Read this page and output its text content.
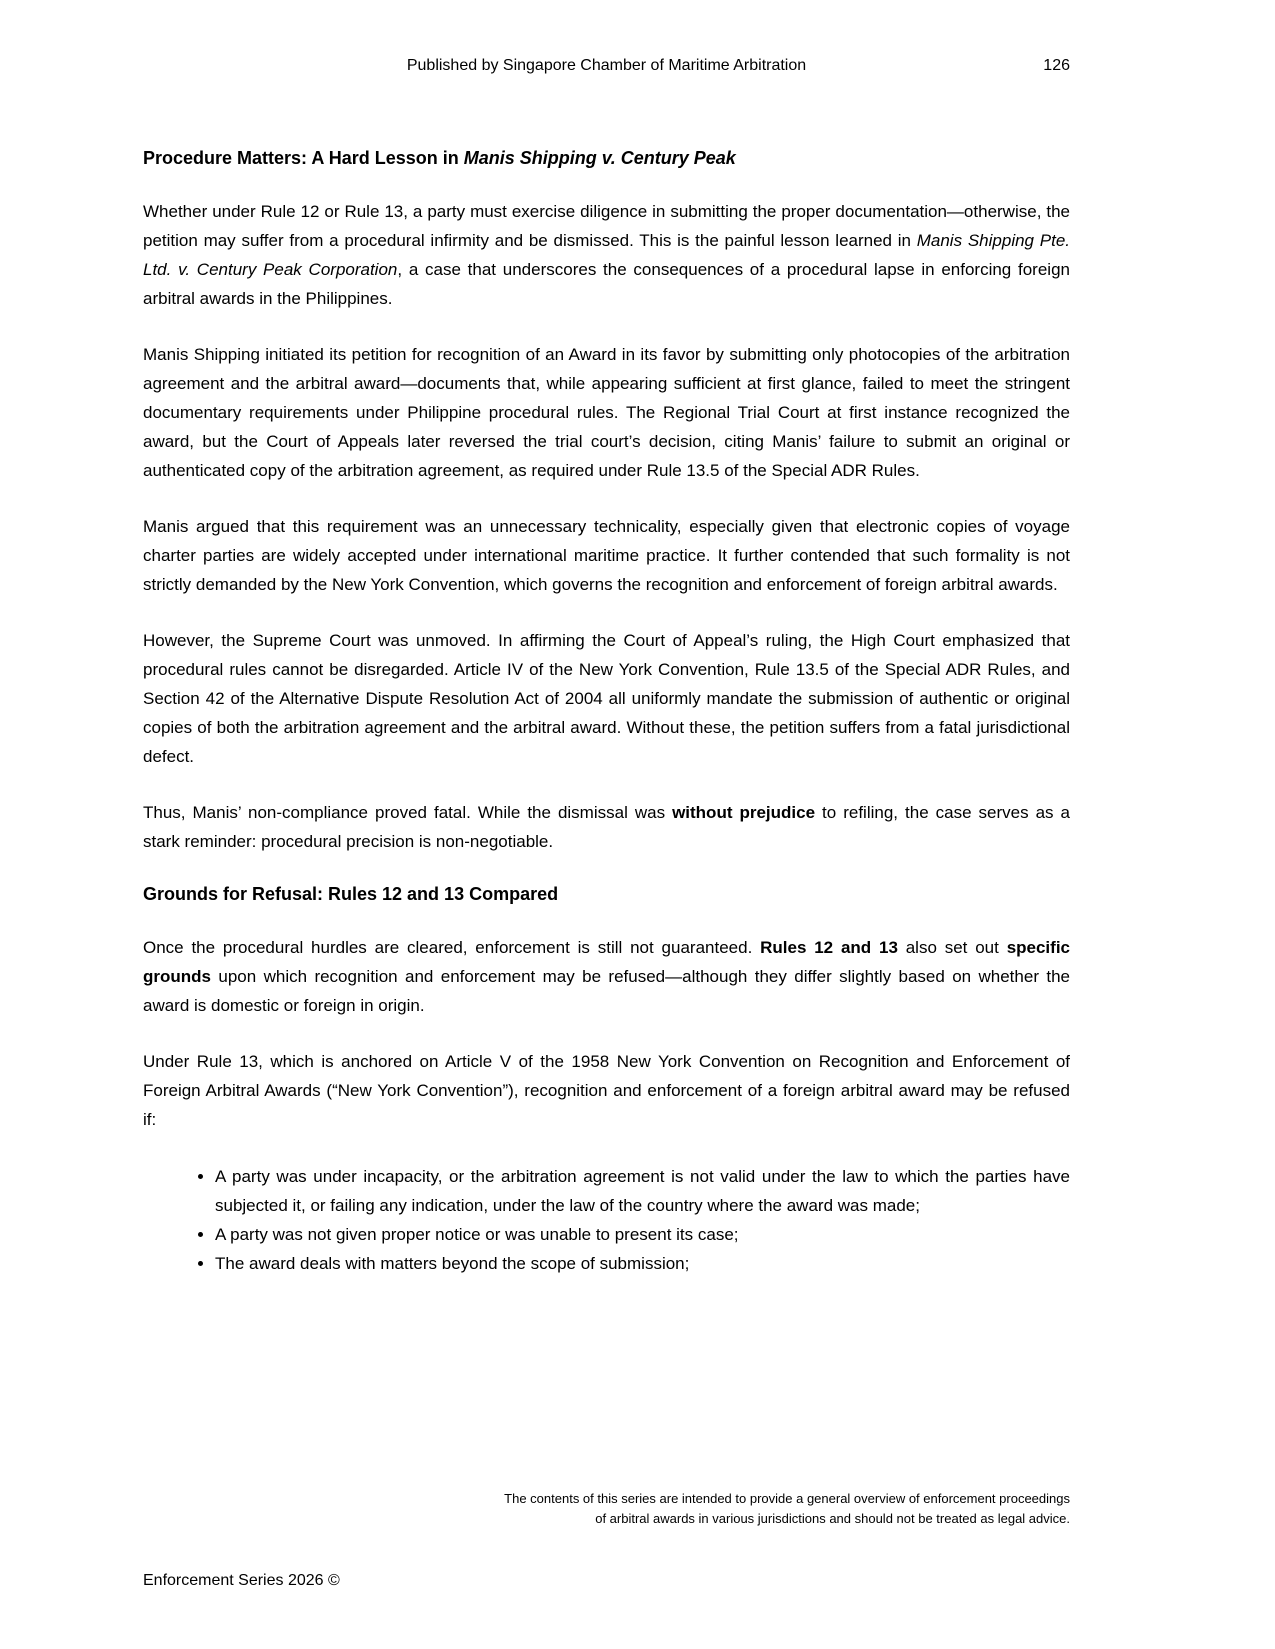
Published by Singapore Chamber of Maritime Arbitration	126
Procedure Matters: A Hard Lesson in Manis Shipping v. Century Peak

Whether under Rule 12 or Rule 13, a party must exercise diligence in submitting the proper documentation—otherwise, the petition may suffer from a procedural infirmity and be dismissed. This is the painful lesson learned in Manis Shipping Pte. Ltd. v. Century Peak Corporation, a case that underscores the consequences of a procedural lapse in enforcing foreign arbitral awards in the Philippines.

Manis Shipping initiated its petition for recognition of an Award in its favor by submitting only photocopies of the arbitration agreement and the arbitral award—documents that, while appearing sufficient at first glance, failed to meet the stringent documentary requirements under Philippine procedural rules. The Regional Trial Court at first instance recognized the award, but the Court of Appeals later reversed the trial court’s decision, citing Manis’ failure to submit an original or authenticated copy of the arbitration agreement, as required under Rule 13.5 of the Special ADR Rules.

Manis argued that this requirement was an unnecessary technicality, especially given that electronic copies of voyage charter parties are widely accepted under international maritime practice. It further contended that such formality is not strictly demanded by the New York Convention, which governs the recognition and enforcement of foreign arbitral awards.

However, the Supreme Court was unmoved. In affirming the Court of Appeal’s ruling, the High Court emphasized that procedural rules cannot be disregarded. Article IV of the New York Convention, Rule 13.5 of the Special ADR Rules, and Section 42 of the Alternative Dispute Resolution Act of 2004 all uniformly mandate the submission of authentic or original copies of both the arbitration agreement and the arbitral award. Without these, the petition suffers from a fatal jurisdictional defect.

Thus, Manis’ non-compliance proved fatal. While the dismissal was without prejudice to refiling, the case serves as a stark reminder: procedural precision is non-negotiable.

Grounds for Refusal: Rules 12 and 13 Compared

Once the procedural hurdles are cleared, enforcement is still not guaranteed. Rules 12 and 13 also set out specific grounds upon which recognition and enforcement may be refused—although they differ slightly based on whether the award is domestic or foreign in origin.

Under Rule 13, which is anchored on Article V of the 1958 New York Convention on Recognition and Enforcement of Foreign Arbitral Awards (“New York Convention”), recognition and enforcement of a foreign arbitral award may be refused if:

• A party was under incapacity, or the arbitration agreement is not valid under the law to which the parties have subjected it, or failing any indication, under the law of the country where the award was made;
• A party was not given proper notice or was unable to present its case;
• The award deals with matters beyond the scope of submission;
The contents of this series are intended to provide a general overview of enforcement proceedings
of arbitral awards in various jurisdictions and should not be treated as legal advice.
Enforcement Series 2026 ©
